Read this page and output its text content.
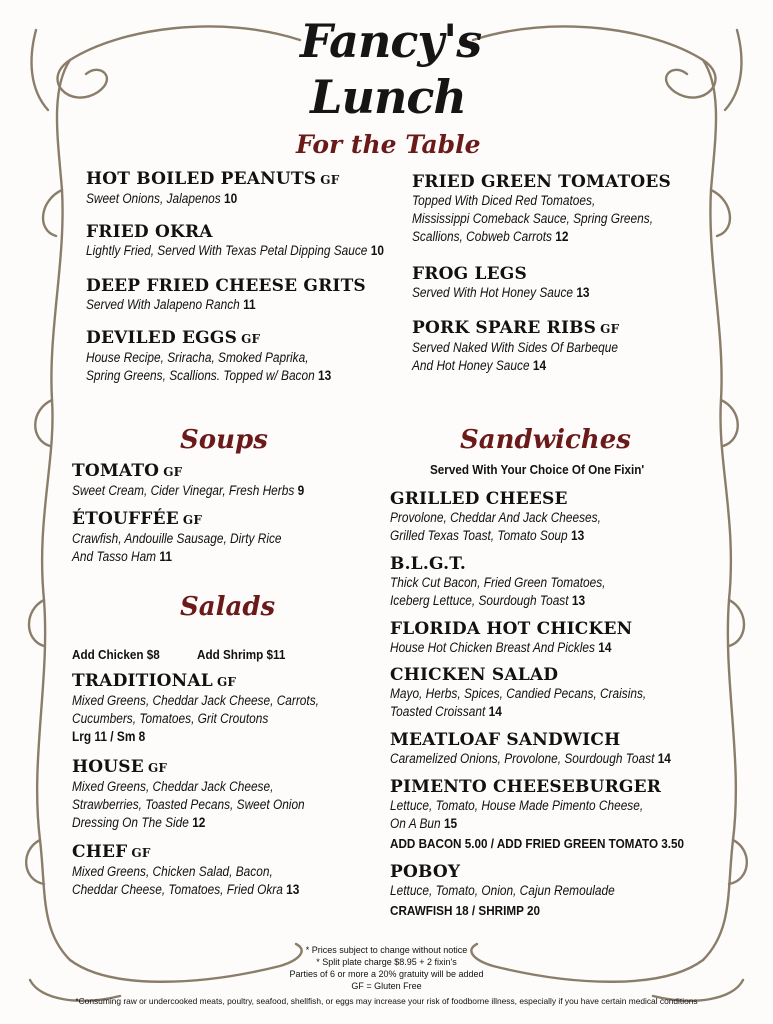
Fancy's
Lunch
For the Table
Soups
Salads
Sandwiches
Served With Your Choice Of One Fixin'
HOT BOILED PEANUTS GF
Sweet Onions, Jalapenos 10
FRIED OKRA
Lightly Fried, Served With Texas Petal Dipping Sauce 10
DEEP FRIED CHEESE GRITS
Served With Jalapeno Ranch 11
DEVILED EGGS GF
House Recipe, Sriracha, Smoked Paprika,
Spring Greens, Scallions. Topped w/ Bacon 13
FRIED GREEN TOMATOES
Topped With Diced Red Tomatoes,
Mississippi Comeback Sauce, Spring Greens,
Scallions, Cobweb Carrots 12
FROG LEGS
Served With Hot Honey Sauce 13
PORK SPARE RIBS GF
Served Naked With Sides Of Barbeque
And Hot Honey Sauce 14
TOMATO GF
Sweet Cream, Cider Vinegar, Fresh Herbs 9
ÉTOUFFÉE GF
Crawfish, Andouille Sausage, Dirty Rice
And Tasso Ham 11
Add Chicken $8	Add Shrimp $11
TRADITIONAL GF
Mixed Greens, Cheddar Jack Cheese, Carrots,
Cucumbers, Tomatoes, Grit Croutons
Lrg 11 / Sm 8
HOUSE GF
Mixed Greens, Cheddar Jack Cheese,
Strawberries, Toasted Pecans, Sweet Onion
Dressing On The Side 12
CHEF GF
Mixed Greens, Chicken Salad, Bacon,
Cheddar Cheese, Tomatoes, Fried Okra 13
GRILLED CHEESE
Provolone, Cheddar And Jack Cheeses,
Grilled Texas Toast, Tomato Soup 13
B.L.G.T.
Thick Cut Bacon, Fried Green Tomatoes,
Iceberg Lettuce, Sourdough Toast 13
FLORIDA HOT CHICKEN
House Hot Chicken Breast And Pickles 14
CHICKEN SALAD
Mayo, Herbs, Spices, Candied Pecans, Craisins,
Toasted Croissant 14
MEATLOAF SANDWICH
Caramelized Onions, Provolone, Sourdough Toast 14
PIMENTO CHEESEBURGER
Lettuce, Tomato, House Made Pimento Cheese,
On A Bun 15
ADD BACON 5.00 / ADD FRIED GREEN TOMATO 3.50
POBOY
Lettuce, Tomato, Onion, Cajun Remoulade
CRAWFISH 18 / SHRIMP 20
* Prices subject to change without notice
* Split plate charge $8.95 + 2 fixin's
Parties of 6 or more a 20% gratuity will be added
GF = Gluten Free
*Consuming raw or undercooked meats, poultry, seafood, shellfish, or eggs may increase your risk of foodborne illness, especially if you have certain medical conditions
